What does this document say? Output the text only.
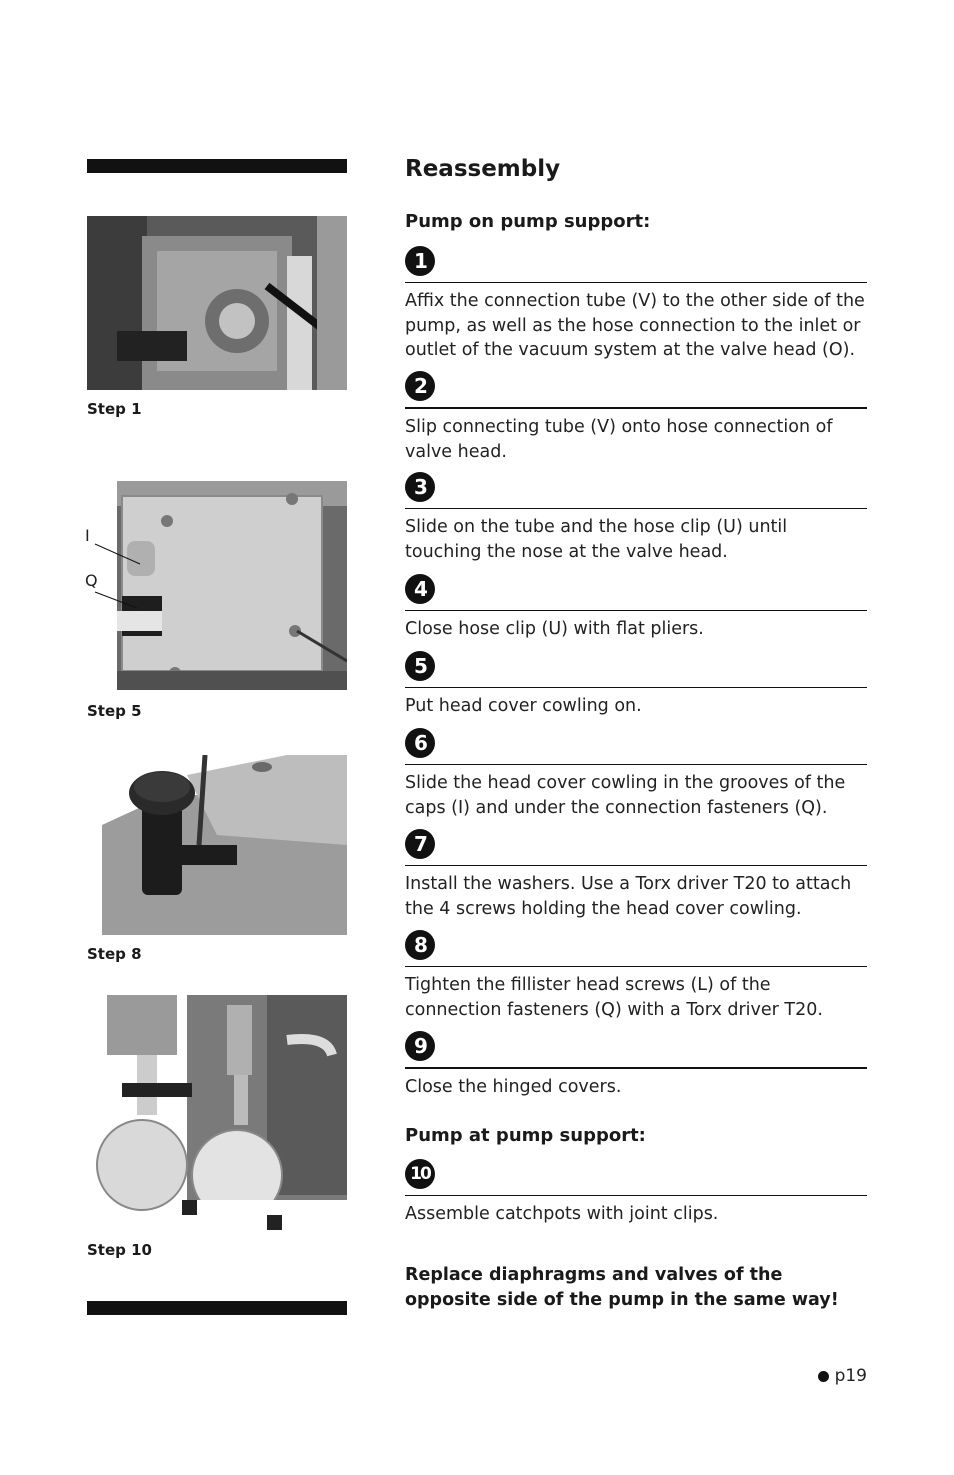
Step 1
I
Q
Step 5
Step 8
Step 10
Reassembly
Pump on pump support:
1
Affix the connection tube (V) to the other side of the pump, as well as the hose connection to the inlet or outlet of the vacuum system at the valve head (O).
2
Slip connecting tube (V) onto hose connection of valve head.
3
Slide on the tube and the hose clip (U) until touching the nose at the valve head.
4
Close hose clip (U) with flat pliers.
5
Put head cover cowling on.
6
Slide the head cover cowling in the grooves of the caps (I) and under the connection fasteners (Q).
7
Install the washers. Use a Torx driver T20 to attach the 4 screws holding the head cover cowling.
8
Tighten the fillister head screws (L) of the connection fasteners (Q) with a Torx driver T20.
9
Close the hinged covers.
Pump at pump support:
10
Assemble catchpots with joint clips.
Replace diaphragms and valves of the opposite side of the pump in the same way!
p19
